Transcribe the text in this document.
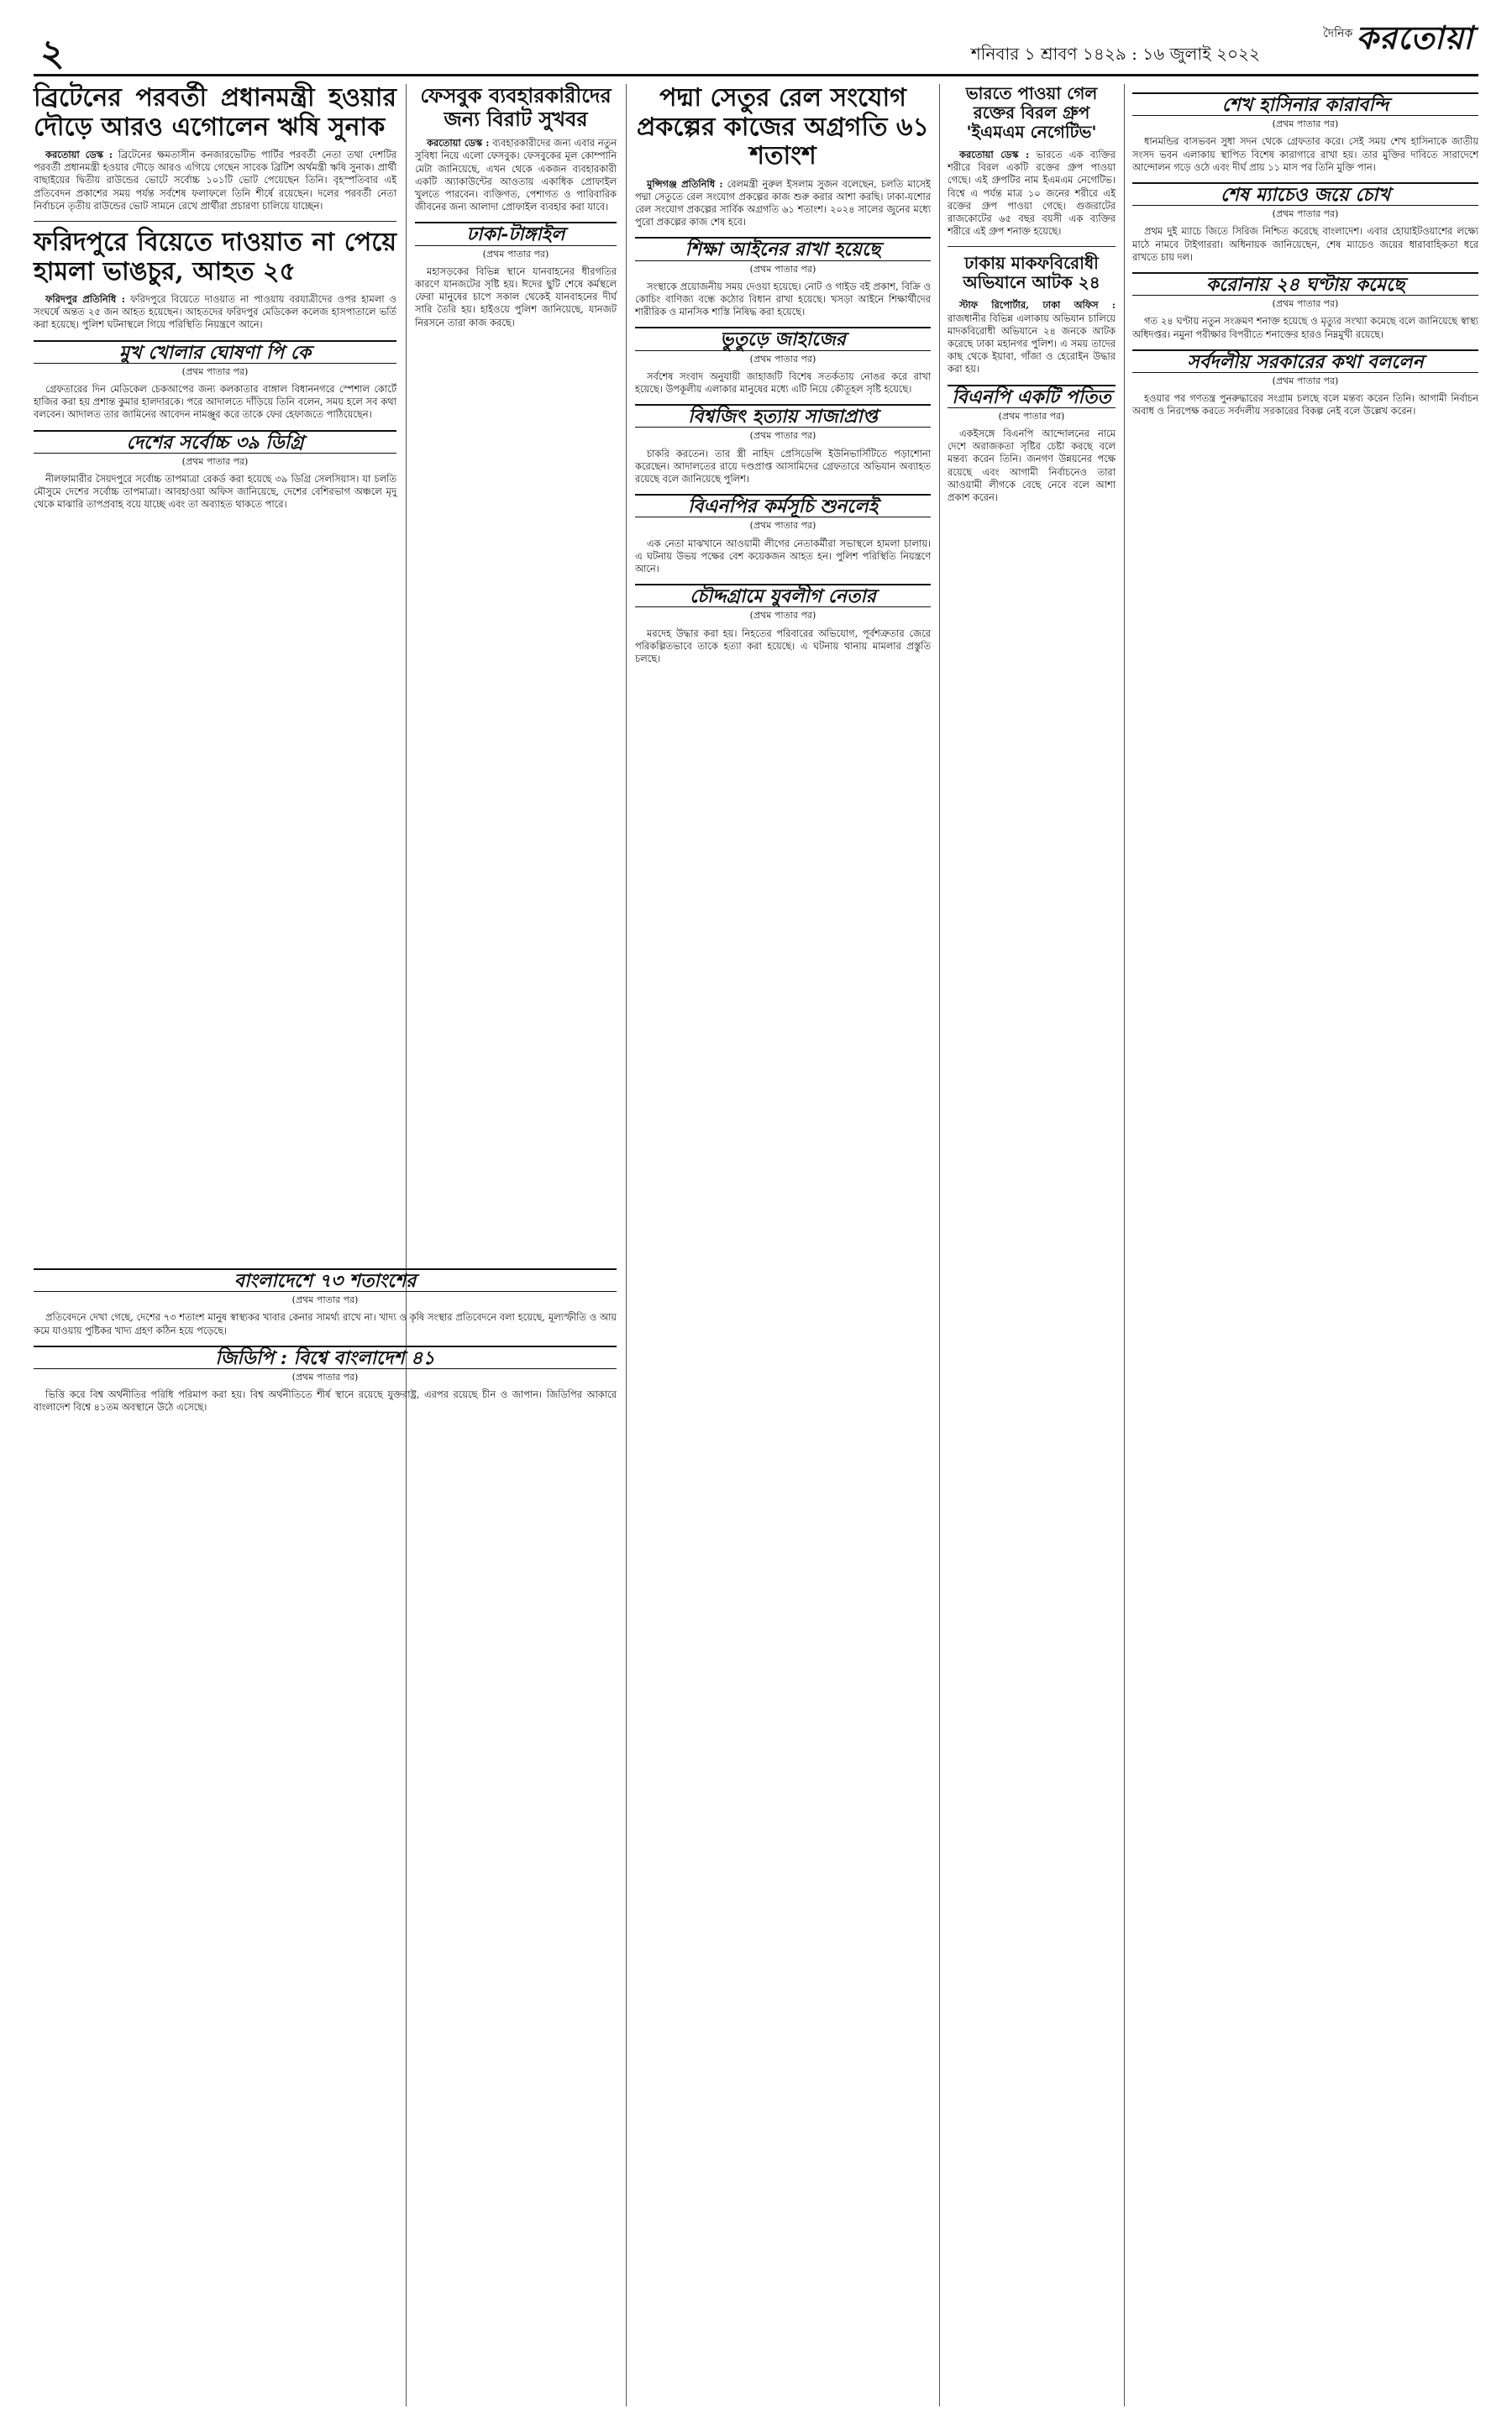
২	শনিবার ১ শ্রাবণ ১৪২৯ : ১৬ জুলাই ২০২২
দৈনিক করতোয়া
ব্রিটেনের পরবর্তী প্রধানমন্ত্রী হওয়ার দৌড়ে আরও এগোলেন ঋষি সুনাক

করতোয়া ডেস্ক : ব্রিটেনের ক্ষমতাসীন কনজারভেটিভ পার্টির পরবর্তী নেতা তথা দেশটির পরবর্তী প্রধানমন্ত্রী হওয়ার দৌড়ে আরও এগিয়ে গেছেন সাবেক ব্রিটিশ অর্থমন্ত্রী ঋষি সুনাক। প্রার্থী বাছাইয়ের দ্বিতীয় রাউন্ডের ভোটে সর্বোচ্চ ১০১টি ভোট পেয়েছেন তিনি। বৃহস্পতিবার এই প্রতিবেদন প্রকাশের সময় পর্যন্ত সর্বশেষ ফলাফলে তিনি শীর্ষে রয়েছেন। দলের পরবর্তী নেতা নির্বাচনে তৃতীয় রাউন্ডের ভোট সামনে রেখে প্রার্থীরা প্রচারণা চালিয়ে যাচ্ছেন।

ফরিদপুরে বিয়েতে দাওয়াত না পেয়ে হামলা ভাঙচুর, আহত ২৫

ফরিদপুর প্রতিনিধি : ফরিদপুরে বিয়েতে দাওয়াত না পাওয়ায় বরযাত্রীদের ওপর হামলা ও সংঘর্ষে অন্তত ২৫ জন আহত হয়েছেন। আহতদের ফরিদপুর মেডিকেল কলেজ হাসপাতালে ভর্তি করা হয়েছে। পুলিশ ঘটনাস্থলে গিয়ে পরিস্থিতি নিয়ন্ত্রণে আনে।

মুখ খোলার ঘোষণা পি কে
(প্রথম পাতার পর)

গ্রেফতারের দিন মেডিকেল চেকআপের জন্য কলকাতার বাঙ্গাল বিধাননগরে স্পেশাল কোর্টে হাজির করা হয় প্রশান্ত কুমার হালদারকে। পরে আদালতে দাঁড়িয়ে তিনি বলেন, সময় হলে সব কথা বলবেন। আদালত তার জামিনের আবেদন নামঞ্জুর করে তাকে ফের হেফাজতে পাঠিয়েছেন।

দেশের সর্বোচ্চ ৩৯ ডিগ্রি
(প্রথম পাতার পর)

নীলফামারীর সৈয়দপুরে সর্বোচ্চ তাপমাত্রা রেকর্ড করা হয়েছে ৩৯ ডিগ্রি সেলসিয়াস। যা চলতি মৌসুমে দেশের সর্বোচ্চ তাপমাত্রা। আবহাওয়া অফিস জানিয়েছে, দেশের বেশিরভাগ অঞ্চলে মৃদু থেকে মাঝারি তাপপ্রবাহ বয়ে যাচ্ছে এবং তা অব্যাহত থাকতে পারে।

ফেসবুক ব্যবহারকারীদের জন্য বিরাট সুখবর

করতোয়া ডেস্ক : ব্যবহারকারীদের জন্য এবার নতুন সুবিধা নিয়ে এলো ফেসবুক। ফেসবুকের মূল কোম্পানি মেটা জানিয়েছে, এখন থেকে একজন ব্যবহারকারী একটি অ্যাকাউন্টের আওতায় একাধিক প্রোফাইল খুলতে পারবেন। ব্যক্তিগত, পেশাগত ও পারিবারিক জীবনের জন্য আলাদা প্রোফাইল ব্যবহার করা যাবে।

ঢাকা-টাঙ্গাইল
(প্রথম পাতার পর)

মহাসড়কের বিভিন্ন স্থানে যানবাহনের ধীরগতির কারণে যানজটের সৃষ্টি হয়। ঈদের ছুটি শেষে কর্মস্থলে ফেরা মানুষের চাপে সকাল থেকেই যানবাহনের দীর্ঘ সারি তৈরি হয়। হাইওয়ে পুলিশ জানিয়েছে, যানজট নিরসনে তারা কাজ করছে।

পদ্মা সেতুর রেল সংযোগ প্রকল্পের কাজের অগ্রগতি ৬১ শতাংশ

মুন্সিগঞ্জ প্রতিনিধি : রেলমন্ত্রী নুরুল ইসলাম সুজন বলেছেন, চলতি মাসেই পদ্মা সেতুতে রেল সংযোগ প্রকল্পের কাজ শুরু করার আশা করছি। ঢাকা-যশোর রেল সংযোগ প্রকল্পের সার্বিক অগ্রগতি ৬১ শতাংশ। ২০২৪ সালের জুনের মধ্যে পুরো প্রকল্পের কাজ শেষ হবে।

শিক্ষা আইনের রাখা হয়েছে
(প্রথম পাতার পর)

সংস্থাকে প্রয়োজনীয় সময় দেওয়া হয়েছে। নোট ও গাইড বই প্রকাশ, বিক্রি ও কোচিং বাণিজ্য বন্ধে কঠোর বিধান রাখা হয়েছে। খসড়া আইনে শিক্ষার্থীদের শারীরিক ও মানসিক শাস্তি নিষিদ্ধ করা হয়েছে।

ভুতুড়ে জাহাজের
(প্রথম পাতার পর)

সর্বশেষ সংবাদ অনুযায়ী জাহাজটি বিশেষ সতর্কতায় নোঙর করে রাখা হয়েছে। উপকূলীয় এলাকার মানুষের মধ্যে এটি নিয়ে কৌতূহল সৃষ্টি হয়েছে।

বিশ্বজিৎ হত্যায় সাজাপ্রাপ্ত
(প্রথম পাতার পর)

চাকরি করতেন। তার স্ত্রী নাহিদ প্রেসিডেন্সি ইউনিভার্সিটিতে পড়াশোনা করেছেন। আদালতের রায়ে দণ্ডপ্রাপ্ত আসামিদের গ্রেফতারে অভিযান অব্যাহত রয়েছে বলে জানিয়েছে পুলিশ।

বিএনপির কর্মসূচি শুনলেই
(প্রথম পাতার পর)

এক নেতা মাঝখানে আওয়ামী লীগের নেতাকর্মীরা সভাস্থলে হামলা চালায়। এ ঘটনায় উভয় পক্ষের বেশ কয়েকজন আহত হন। পুলিশ পরিস্থিতি নিয়ন্ত্রণে আনে।

চৌদ্দগ্রামে যুবলীগ নেতার
(প্রথম পাতার পর)

মরদেহ উদ্ধার করা হয়। নিহতের পরিবারের অভিযোগ, পূর্বশত্রুতার জেরে পরিকল্পিতভাবে তাকে হত্যা করা হয়েছে। এ ঘটনায় থানায় মামলার প্রস্তুতি চলছে।

ভারতে পাওয়া গেল রক্তের বিরল গ্রুপ 'ইএমএম নেগেটিভ'

করতোয়া ডেস্ক : ভারতে এক ব্যক্তির শরীরে বিরল একটি রক্তের গ্রুপ পাওয়া গেছে। এই গ্রুপটির নাম ইএমএম নেগেটিভ। বিশ্বে এ পর্যন্ত মাত্র ১০ জনের শরীরে এই রক্তের গ্রুপ পাওয়া গেছে। গুজরাটের রাজকোটের ৬৫ বছর বয়সী এক ব্যক্তির শরীরে এই গ্রুপ শনাক্ত হয়েছে।

ঢাকায় মাকফবিরোধী অভিযানে আটক ২৪

স্টাফ রিপোর্টার, ঢাকা অফিস : রাজধানীর বিভিন্ন এলাকায় অভিযান চালিয়ে মাদকবিরোধী অভিযানে ২৪ জনকে আটক করেছে ঢাকা মহানগর পুলিশ। এ সময় তাদের কাছ থেকে ইয়াবা, গাঁজা ও হেরোইন উদ্ধার করা হয়।

বিএনপি একটি পতিত
(প্রথম পাতার পর)

একইসঙ্গে বিএনপি আন্দোলনের নামে দেশে অরাজকতা সৃষ্টির চেষ্টা করছে বলে মন্তব্য করেন তিনি। জনগণ উন্নয়নের পক্ষে রয়েছে এবং আগামী নির্বাচনেও তারা আওয়ামী লীগকে বেছে নেবে বলে আশা প্রকাশ করেন।

শেখ হাসিনার কারাবন্দি
(প্রথম পাতার পর)

ধানমন্ডির বাসভবন সুধা সদন থেকে গ্রেফতার করে। সেই সময় শেখ হাসিনাকে জাতীয় সংসদ ভবন এলাকায় স্থাপিত বিশেষ কারাগারে রাখা হয়। তার মুক্তির দাবিতে সারাদেশে আন্দোলন গড়ে ওঠে এবং দীর্ঘ প্রায় ১১ মাস পর তিনি মুক্তি পান।

শেষ ম্যাচেও জয়ে চোখ
(প্রথম পাতার পর)

প্রথম দুই ম্যাচে জিতে সিরিজ নিশ্চিত করেছে বাংলাদেশ। এবার হোয়াইটওয়াশের লক্ষ্যে মাঠে নামবে টাইগাররা। অধিনায়ক জানিয়েছেন, শেষ ম্যাচেও জয়ের ধারাবাহিকতা ধরে রাখতে চায় দল।

করোনায় ২৪ ঘণ্টায় কমেছে
(প্রথম পাতার পর)

গত ২৪ ঘণ্টায় নতুন সংক্রমণ শনাক্ত হয়েছে ও মৃত্যুর সংখ্যা কমেছে বলে জানিয়েছে স্বাস্থ্য অধিদপ্তর। নমুনা পরীক্ষার বিপরীতে শনাক্তের হারও নিম্নমুখী রয়েছে।

সর্বদলীয় সরকারের কথা বললেন
(প্রথম পাতার পর)

হওয়ার পর গণতন্ত্র পুনরুদ্ধারের সংগ্রাম চলছে বলে মন্তব্য করেন তিনি। আগামী নির্বাচন অবাধ ও নিরপেক্ষ করতে সর্বদলীয় সরকারের বিকল্প নেই বলে উল্লেখ করেন।

বাংলাদেশে ৭৩ শতাংশের
(প্রথম পাতার পর)

প্রতিবেদনে দেখা গেছে, দেশের ৭৩ শতাংশ মানুষ স্বাস্থ্যকর খাবার কেনার সামর্থ্য রাখে না। খাদ্য ও কৃষি সংস্থার প্রতিবেদনে বলা হয়েছে, মূল্যস্ফীতি ও আয় কমে যাওয়ায় পুষ্টিকর খাদ্য গ্রহণ কঠিন হয়ে পড়েছে।

জিডিপি : বিশ্বে বাংলাদেশ ৪১
(প্রথম পাতার পর)

ভিত্তি করে বিশ্ব অর্থনীতির পরিধি পরিমাপ করা হয়। বিশ্ব অর্থনীতিতে শীর্ষ স্থানে রয়েছে যুক্তরাষ্ট্র, এরপর রয়েছে চীন ও জাপান। জিডিপির আকারে বাংলাদেশ বিশ্বে ৪১তম অবস্থানে উঠে এসেছে।
